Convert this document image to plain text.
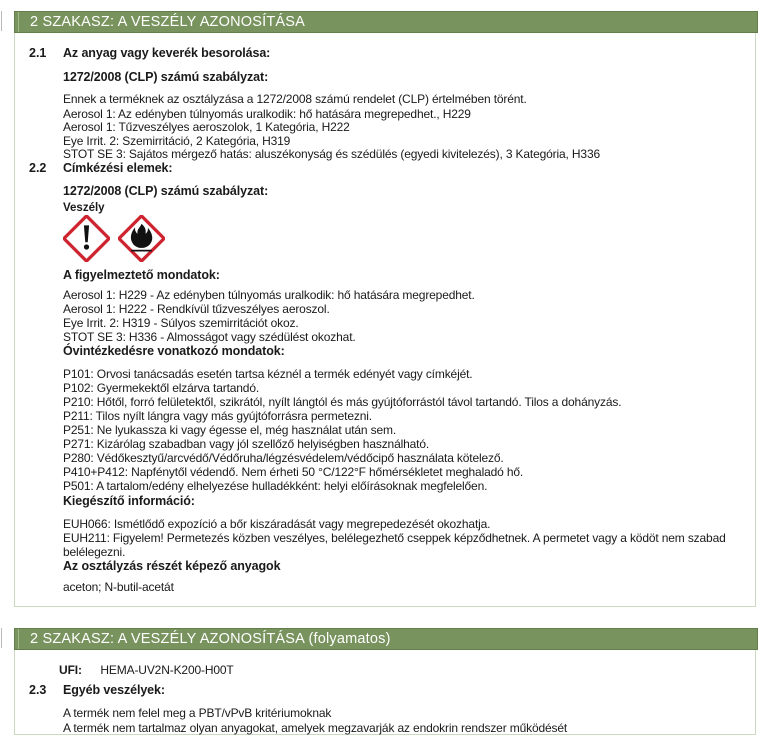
2 SZAKASZ: A VESZÉLY AZONOSÍTÁSA
2.1 Az anyag vagy keverék besorolása:
1272/2008 (CLP) számú szabályzat:
Ennek a terméknek az osztályzása a 1272/2008 számú rendelet (CLP) értelmében törént.
Aerosol 1: Az edényben túlnyomás uralkodik: hő hatására megrepedhet., H229
Aerosol 1: Tűzveszélyes aeroszolok, 1 Kategória, H222
Eye Irrit. 2: Szemirritáció, 2 Kategória, H319
STOT SE 3: Sajátos mérgező hatás: aluszékonyság és szédülés (egyedi kivitelezés), 3 Kategória, H336
2.2 Címkézési elemek:
1272/2008 (CLP) számú szabályzat:
Veszély
A figyelmeztető mondatok:
Aerosol 1: H229 - Az edényben túlnyomás uralkodik: hő hatására megrepedhet.
Aerosol 1: H222 - Rendkívül tűzveszélyes aeroszol.
Eye Irrit. 2: H319 - Súlyos szemirritációt okoz.
STOT SE 3: H336 - Almosságot vagy szédülést okozhat.
Óvintézkedésre vonatkozó mondatok:
P101: Orvosi tanácsadás esetén tartsa kéznél a termék edényét vagy címkéjét.
P102: Gyermekektől elzárva tartandó.
P210: Hőtől, forró felületektől, szikrától, nyílt lángtól és más gyújtóforrástól távol tartandó. Tilos a dohányzás.
P211: Tilos nyílt lángra vagy más gyújtóforrásra permetezni.
P251: Ne lyukassza ki vagy égesse el, még használat után sem.
P271: Kizárólag szabadban vagy jól szellőző helyiségben használható.
P280: Védőkesztyű/arcvédő/Védőruha/légzésvédelem/védőcipő használata kötelező.
P410+P412: Napfénytől védendő. Nem érheti 50 °C/122°F hőmérsékletet meghaladó hő.
P501: A tartalom/edény elhelyezése hulladékként: helyi előírásoknak megfelelően.
Kiegészítő információ:
EUH066: Ismétlődő expozíció a bőr kiszáradását vagy megrepedezését okozhatja.
EUH211: Figyelem! Permetezés közben veszélyes, belélegezhető cseppek képződhetnek. A permetet vagy a ködöt nem szabad belélegezni.
Az osztályzás részét képező anyagok
aceton; N-butil-acetát
2 SZAKASZ: A VESZÉLY AZONOSÍTÁSA (folyamatos)
UFI: HEMA-UV2N-K200-H00T
2.3 Egyéb veszélyek:
A termék nem felel meg a PBT/vPvB kritériumoknak
A termék nem tartalmaz olyan anyagokat, amelyek megzavarják az endokrin rendszer működését
